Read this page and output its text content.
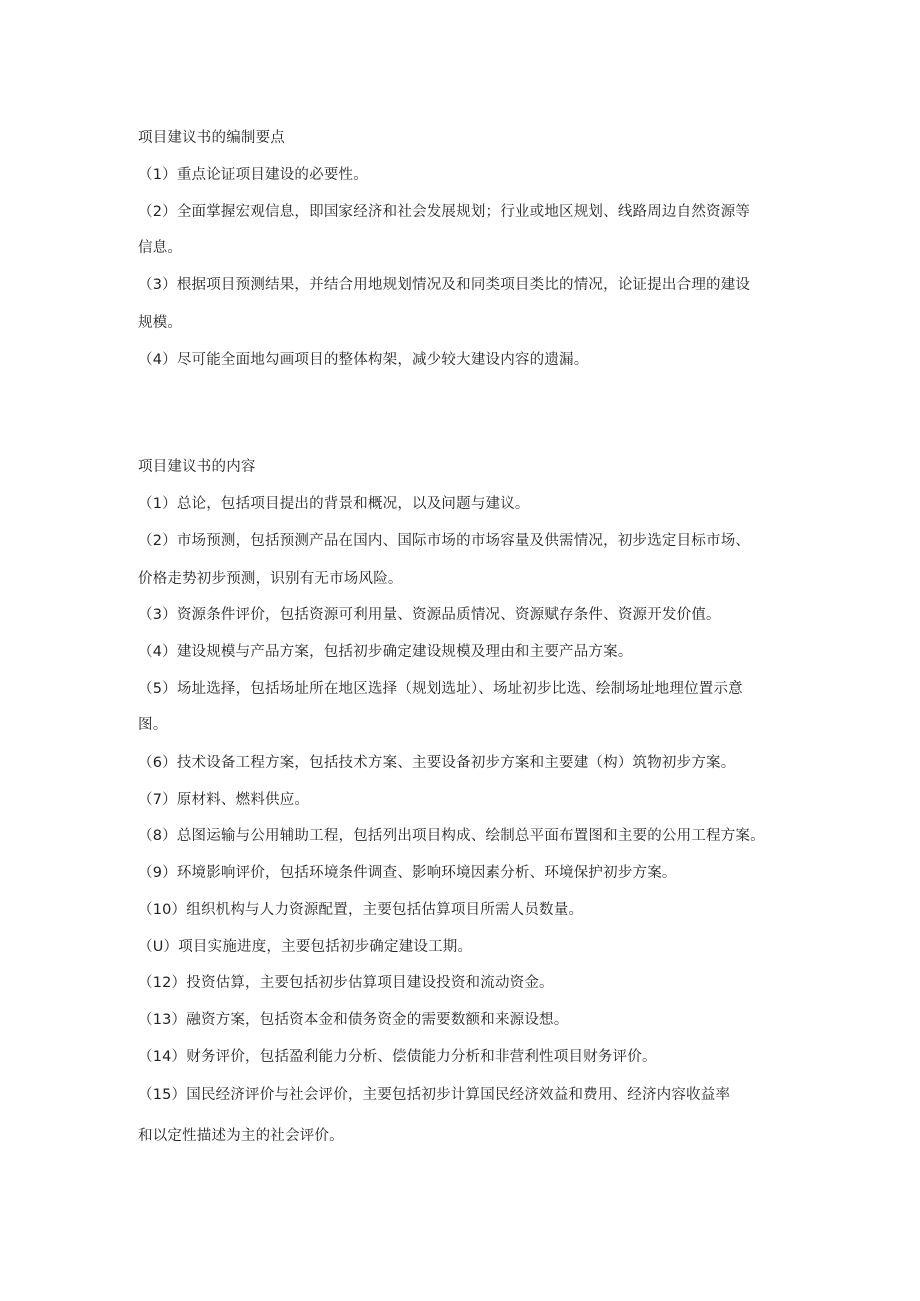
项目建议书的编制要点
（1）重点论证项目建设的必要性。
（2）全面掌握宏观信息，即国家经济和社会发展规划；行业或地区规划、线路周边自然资源等
信息。
（3）根据项目预测结果，并结合用地规划情况及和同类项目类比的情况，论证提出合理的建设
规模。
（4）尽可能全面地勾画项目的整体构架，减少较大建设内容的遗漏。
项目建议书的内容
（1）总论，包括项目提出的背景和概况，以及问题与建议。
（2）市场预测，包括预测产品在国内、国际市场的市场容量及供需情况，初步选定目标市场、
价格走势初步预测，识别有无市场风险。
（3）资源条件评价，包括资源可利用量、资源品质情况、资源赋存条件、资源开发价值。
（4）建设规模与产品方案，包括初步确定建设规模及理由和主要产品方案。
（5）场址选择，包括场址所在地区选择（规划选址）、场址初步比选、绘制场址地理位置示意
图。
（6）技术设备工程方案，包括技术方案、主要设备初步方案和主要建（构）筑物初步方案。
（7）原材料、燃料供应。
（8）总图运输与公用辅助工程，包括列出项目构成、绘制总平面布置图和主要的公用工程方案。
（9）环境影响评价，包括环境条件调查、影响环境因素分析、环境保护初步方案。
（10）组织机构与人力资源配置，主要包括估算项目所需人员数量。
（U）项目实施进度，主要包括初步确定建设工期。
（12）投资估算，主要包括初步估算项目建设投资和流动资金。
（13）融资方案，包括资本金和债务资金的需要数额和来源设想。
（14）财务评价，包括盈利能力分析、偿债能力分析和非营利性项目财务评价。
（15）国民经济评价与社会评价，主要包括初步计算国民经济效益和费用、经济内容收益率
和以定性描述为主的社会评价。
